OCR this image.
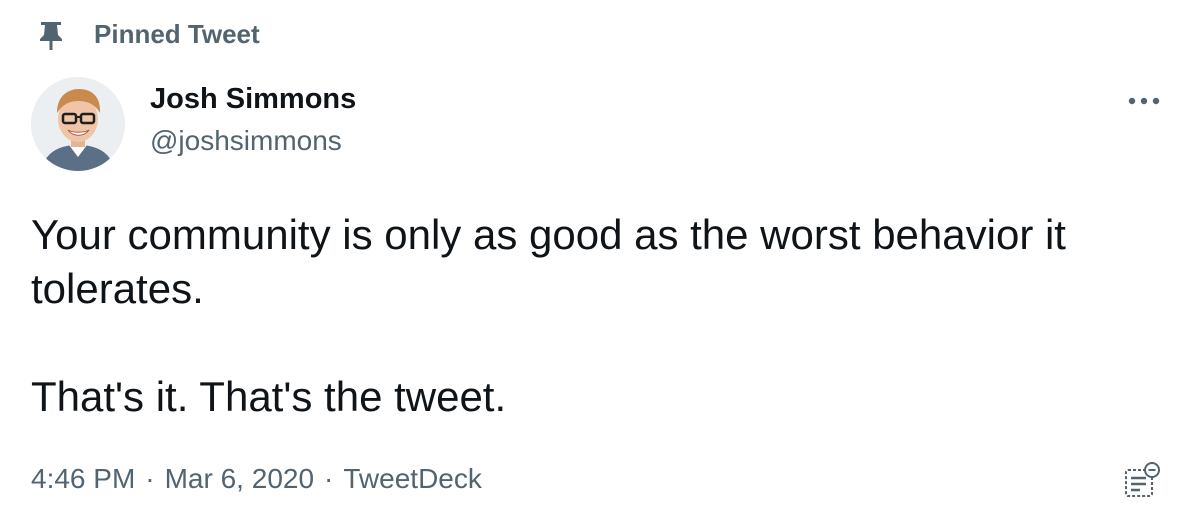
Pinned Tweet
Josh Simmons
@joshsimmons

Your community is only as good as the worst behavior it tolerates.

That's it. That's the tweet.

4:46 PM · Mar 6, 2020 · TweetDeck
